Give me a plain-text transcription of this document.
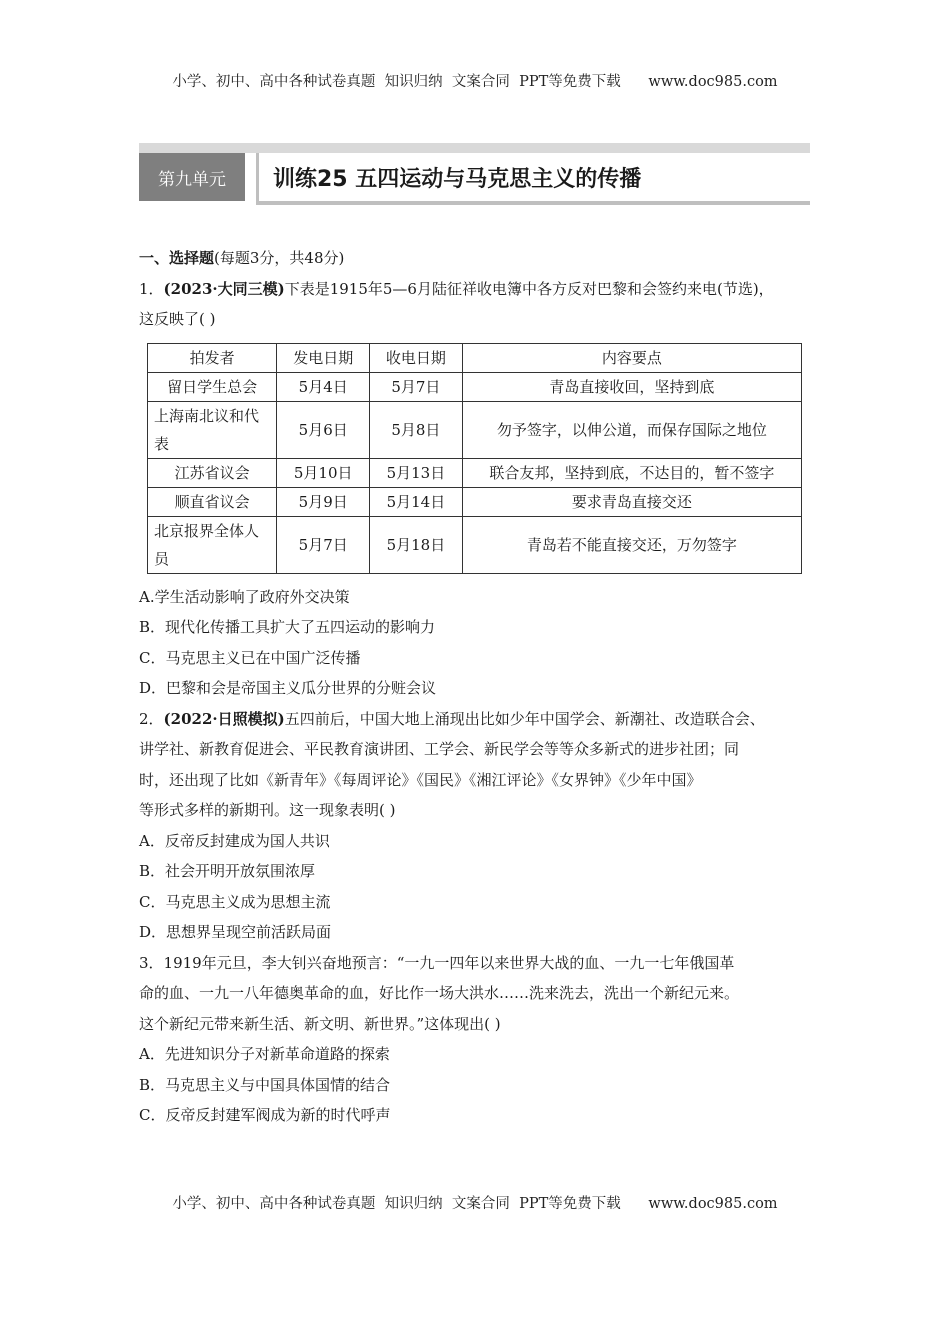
小学、初中、高中各种试卷真题  知识归纳  文案合同  PPT等免费下载      www.doc985.com
第九单元	训练25 五四运动与马克思主义的传播

一、选择题(每题3分，共48分)

1．(2023·大同三模)下表是1915年5—6月陆征祥收电簿中各方反对巴黎和会签约来电(节选)，

这反映了( )

拍发者	发电日期	收电日期	内容要点
留日学生总会	5月4日	5月7日	青岛直接收回，坚持到底
上海南北议和代表	5月6日	5月8日	勿予签字，以伸公道，而保存国际之地位
江苏省议会	5月10日	5月13日	联合友邦，坚持到底，不达目的，暂不签字
顺直省议会	5月9日	5月14日	要求青岛直接交还
北京报界全体人员	5月7日	5月18日	青岛若不能直接交还，万勿签字

A.学生活动影响了政府外交决策

B．现代化传播工具扩大了五四运动的影响力

C．马克思主义已在中国广泛传播

D．巴黎和会是帝国主义瓜分世界的分赃会议

2．(2022·日照模拟)五四前后，中国大地上涌现出比如少年中国学会、新潮社、改造联合会、

讲学社、新教育促进会、平民教育演讲团、工学会、新民学会等等众多新式的进步社团；同

时，还出现了比如《新青年》《每周评论》《国民》《湘江评论》《女界钟》《少年中国》

等形式多样的新期刊。这一现象表明( )

A．反帝反封建成为国人共识

B．社会开明开放氛围浓厚

C．马克思主义成为思想主流

D．思想界呈现空前活跃局面

3．1919年元旦，李大钊兴奋地预言：“一九一四年以来世界大战的血、一九一七年俄国革

命的血、一九一八年德奥革命的血，好比作一场大洪水……洗来洗去，洗出一个新纪元来。

这个新纪元带来新生活、新文明、新世界。”这体现出( )

A．先进知识分子对新革命道路的探索

B．马克思主义与中国具体国情的结合

C．反帝反封建军阀成为新的时代呼声

小学、初中、高中各种试卷真题  知识归纳  文案合同  PPT等免费下载      www.doc985.com
